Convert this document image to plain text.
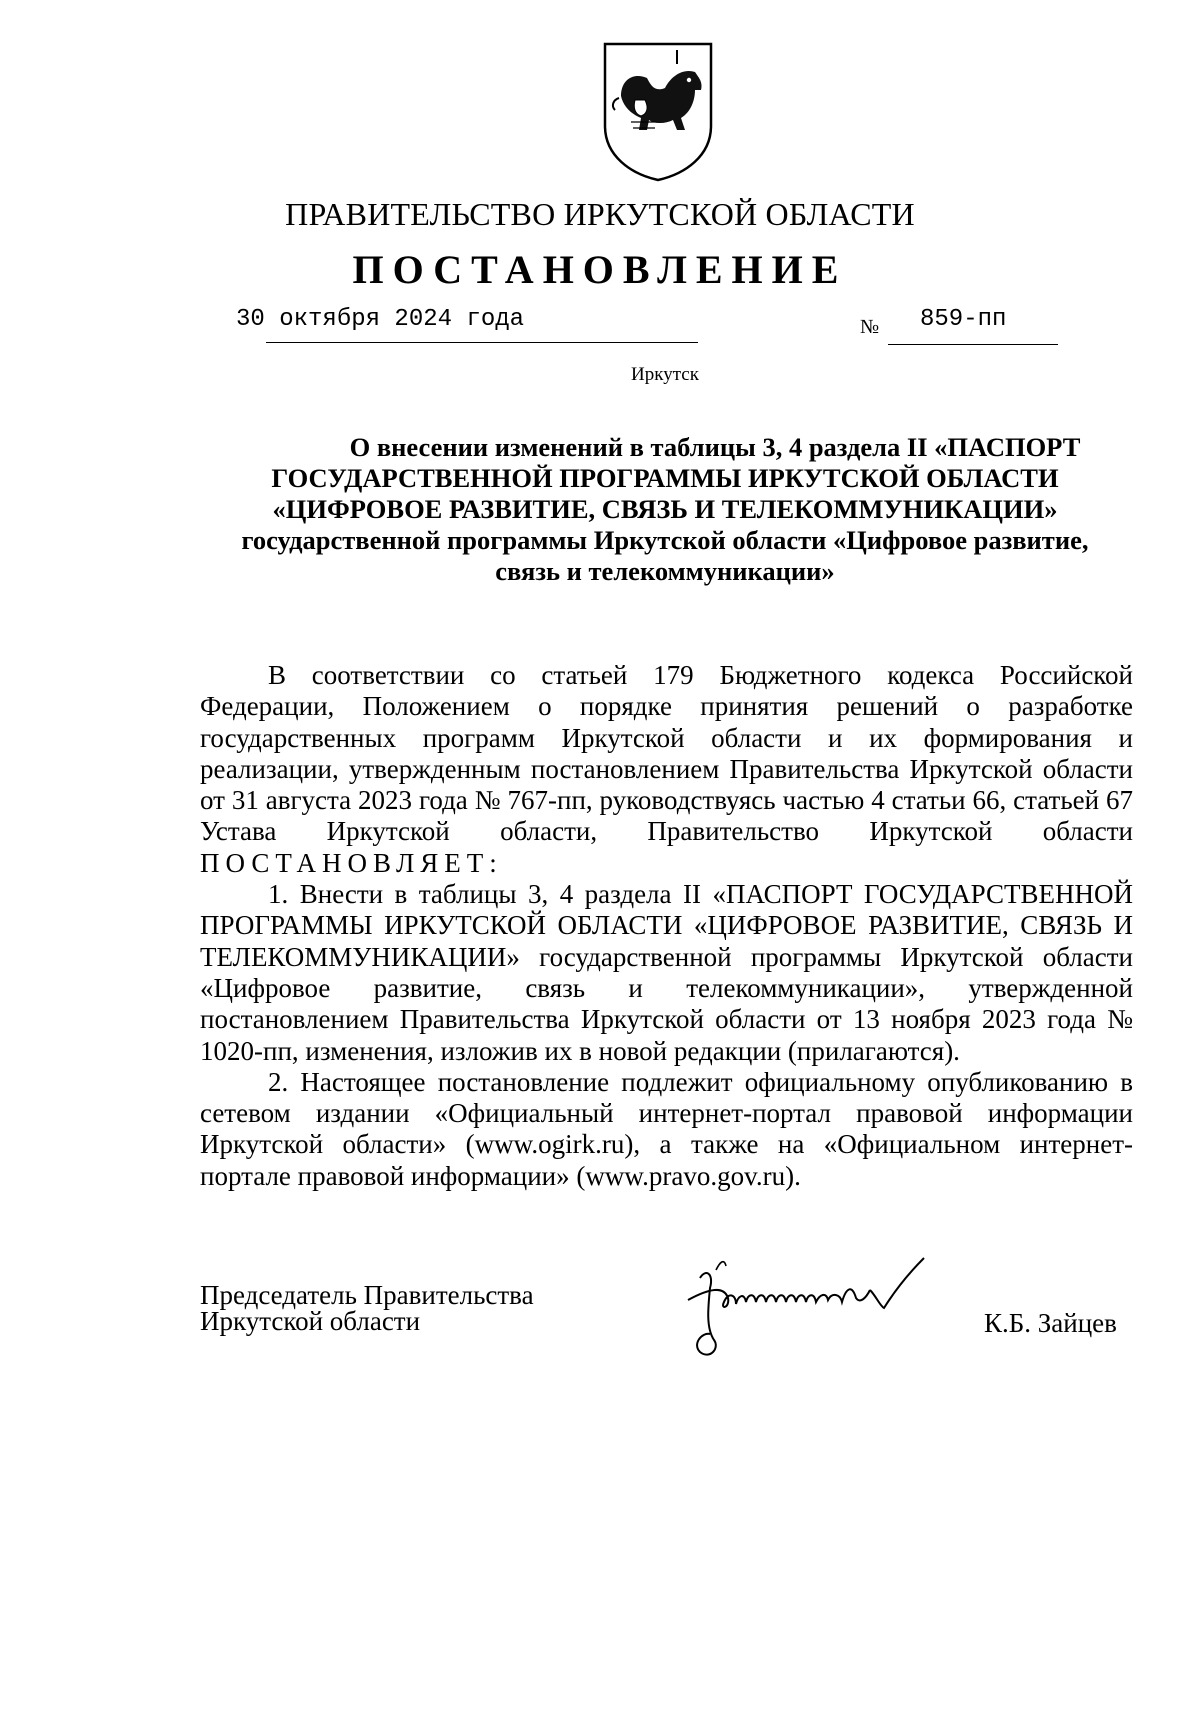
ПРАВИТЕЛЬСТВО ИРКУТСКОЙ ОБЛАСТИ
ПОСТАНОВЛЕНИЕ
30 октября 2024 года	№ 859-пп
Иркутск
О внесении изменений в таблицы 3, 4 раздела II «ПАСПОРТ
ГОСУДАРСТВЕННОЙ ПРОГРАММЫ ИРКУТСКОЙ ОБЛАСТИ
«ЦИФРОВОЕ РАЗВИТИЕ, СВЯЗЬ И ТЕЛЕКОММУНИКАЦИИ»
государственной программы Иркутской области «Цифровое развитие,
связь и телекоммуникации»

В соответствии со статьей 179 Бюджетного кодекса Российской Федерации, Положением о порядке принятия решений о разработке государственных программ Иркутской области и их формирования и реализации, утвержденным постановлением Правительства Иркутской области от 31 августа 2023 года № 767-пп, руководствуясь частью 4 статьи 66, статьей 67 Устава Иркутской области, Правительство Иркутской области ПОСТАНОВЛЯЕТ:

1. Внести в таблицы 3, 4 раздела II «ПАСПОРТ ГОСУДАРСТВЕННОЙ ПРОГРАММЫ ИРКУТСКОЙ ОБЛАСТИ «ЦИФРОВОЕ РАЗВИТИЕ, СВЯЗЬ И ТЕЛЕКОММУНИКАЦИИ» государственной программы Иркутской области «Цифровое развитие, связь и телекоммуникации», утвержденной постановлением Правительства Иркутской области от 13 ноября 2023 года № 1020-пп, изменения, изложив их в новой редакции (прилагаются).

2. Настоящее постановление подлежит официальному опубликованию в сетевом издании «Официальный интернет-портал правовой информации Иркутской области» (www.ogirk.ru), а также на «Официальном интернет-портале правовой информации» (www.pravo.gov.ru).

Председатель Правительства
Иркутской области	К.Б. Зайцев
